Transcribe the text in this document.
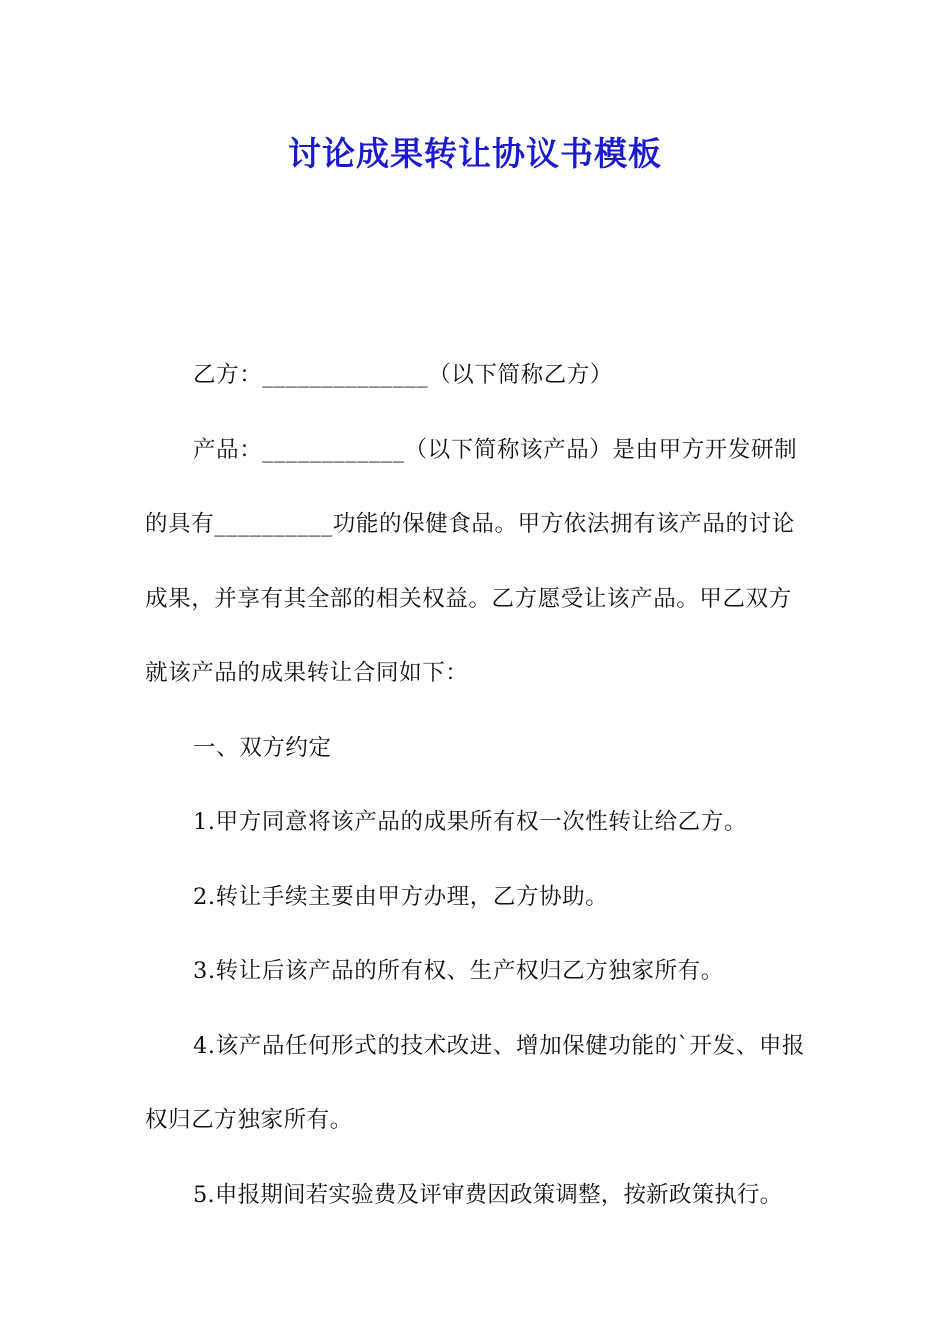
讨论成果转让协议书模板

乙方：______________（以下简称乙方）

产品：____________（以下简称该产品）是由甲方开发研制的具有__________功能的保健食品。甲方依法拥有该产品的讨论成果，并享有其全部的相关权益。乙方愿受让该产品。甲乙双方就该产品的成果转让合同如下：

一、双方约定

1.甲方同意将该产品的成果所有权一次性转让给乙方。

2.转让手续主要由甲方办理，乙方协助。

3.转让后该产品的所有权、生产权归乙方独家所有。

4.该产品任何形式的技术改进、增加保健功能的`开发、申报权归乙方独家所有。

5.申报期间若实验费及评审费因政策调整，按新政策执行。
